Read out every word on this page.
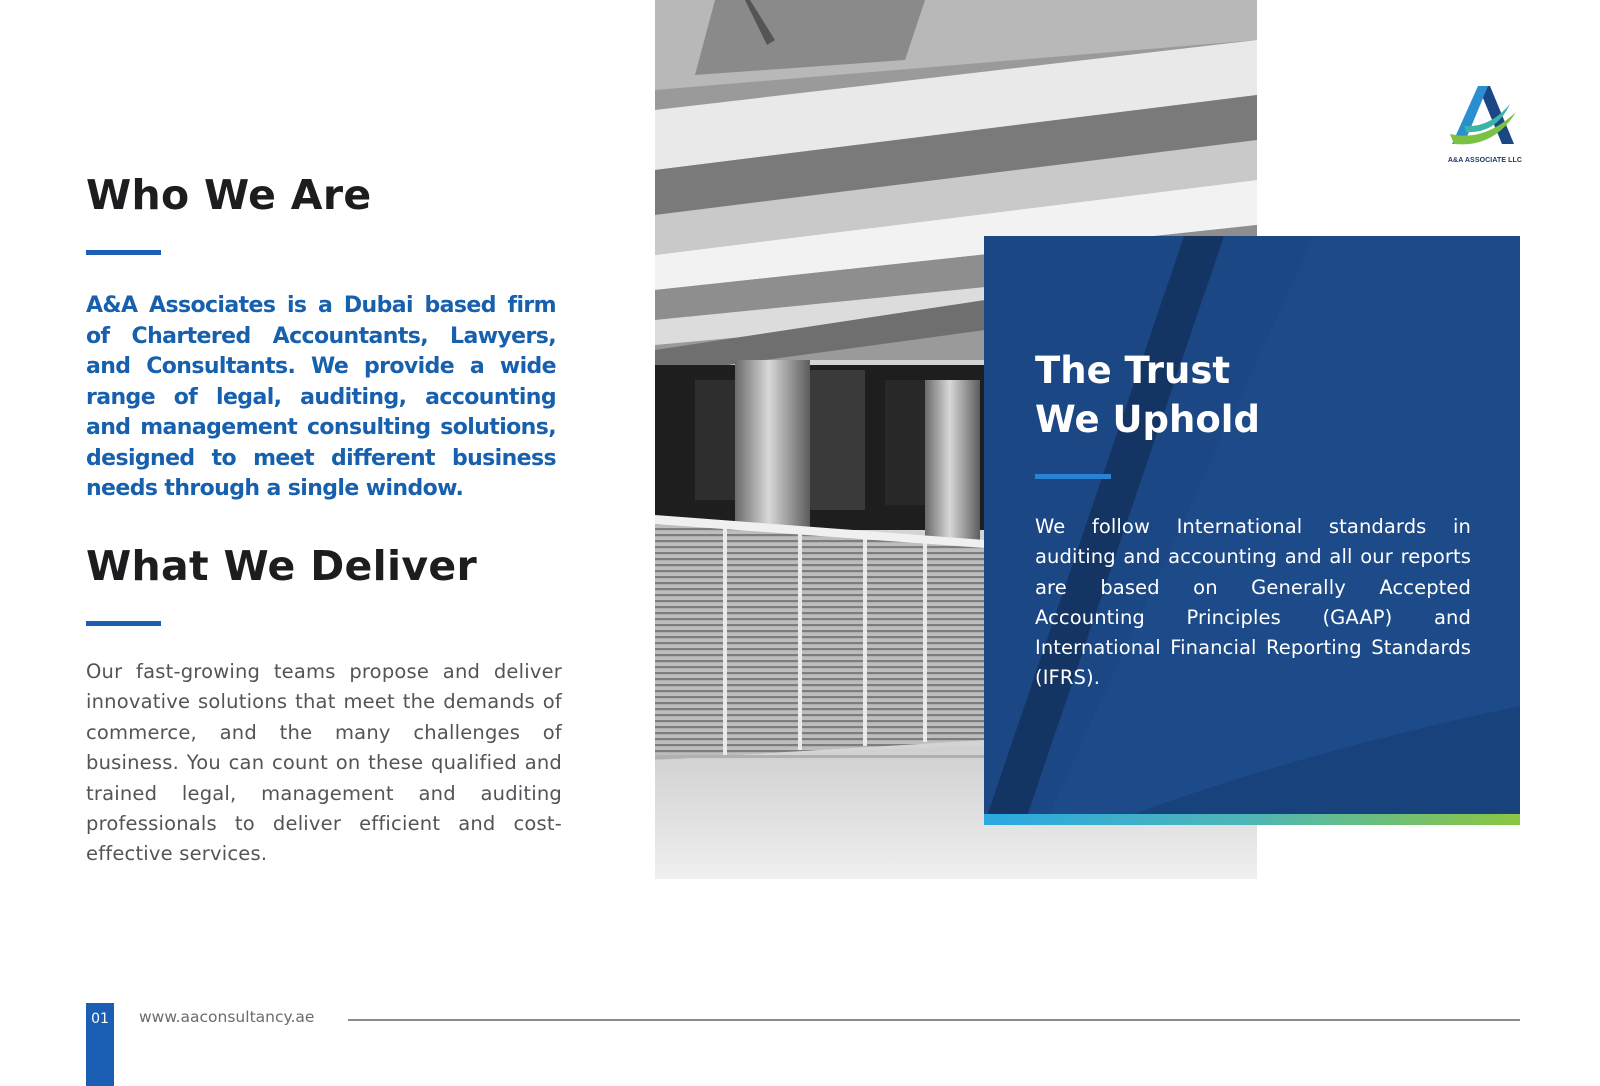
Who We Are

A&A Associates is a Dubai based firm of Chartered Accountants, Lawyers, and Consultants. We provide a wide range of legal, auditing, accounting and management consulting solutions, designed to meet different business needs through a single window.

What We Deliver

Our fast-growing teams propose and deliver innovative solutions that meet the demands of commerce, and the many challenges of business. You can count on these qualified and trained legal, management and auditing professionals to deliver efficient and cost-effective services.

The Trust
We Uphold

We follow International standards in auditing and accounting and all our reports are based on Generally Accepted Accounting Principles (GAAP) and International Financial Reporting Standards (IFRS).

A&A ASSOCIATE LLC
01	www.aaconsultancy.ae
